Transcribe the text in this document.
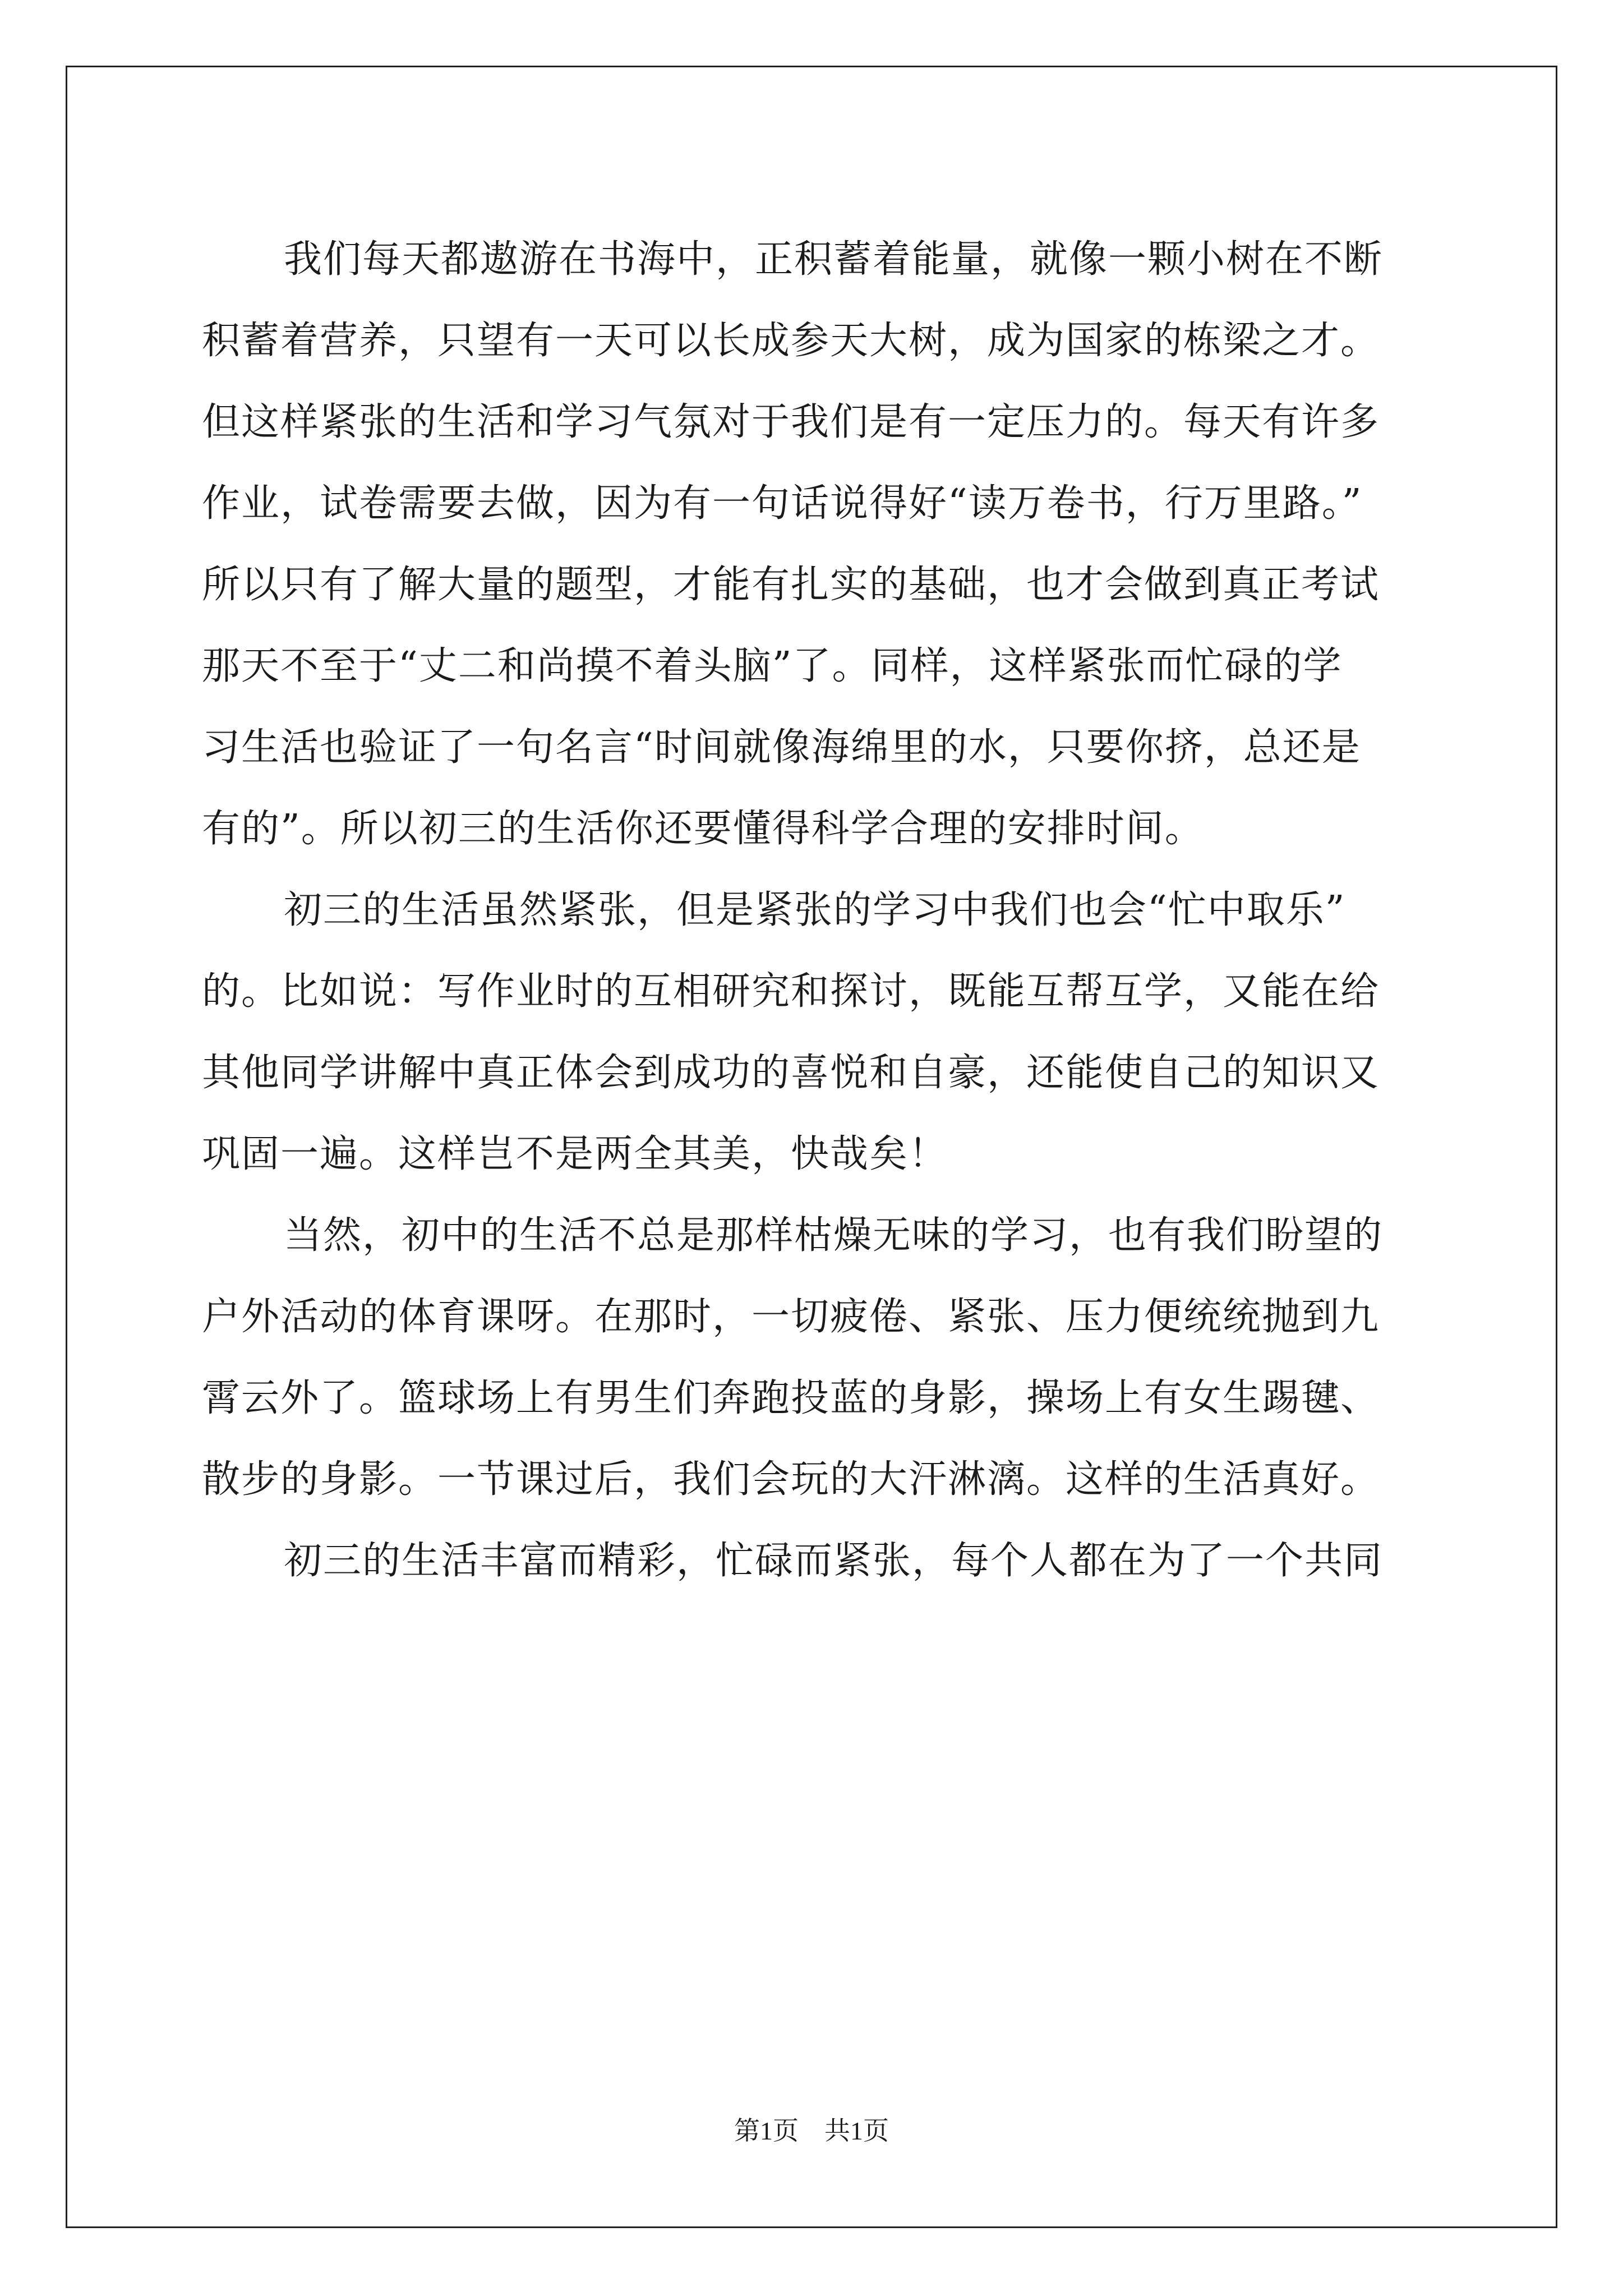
我们每天都遨游在书海中，正积蓄着能量，就像一颗小树在不断
积蓄着营养，只望有一天可以长成参天大树，成为国家的栋梁之才。
但这样紧张的生活和学习气氛对于我们是有一定压力的。每天有许多
作业，试卷需要去做，因为有一句话说得好“读万卷书，行万里路。”
所以只有了解大量的题型，才能有扎实的基础，也才会做到真正考试
那天不至于“丈二和尚摸不着头脑”了。同样，这样紧张而忙碌的学
习生活也验证了一句名言“时间就像海绵里的水，只要你挤，总还是
有的”。所以初三的生活你还要懂得科学合理的安排时间。
初三的生活虽然紧张，但是紧张的学习中我们也会“忙中取乐”
的。比如说：写作业时的互相研究和探讨，既能互帮互学，又能在给
其他同学讲解中真正体会到成功的喜悦和自豪，还能使自己的知识又
巩固一遍。这样岂不是两全其美，快哉矣！
当然，初中的生活不总是那样枯燥无味的学习，也有我们盼望的
户外活动的体育课呀。在那时，一切疲倦、紧张、压力便统统抛到九
霄云外了。篮球场上有男生们奔跑投蓝的身影，操场上有女生踢毽、
散步的身影。一节课过后，我们会玩的大汗淋漓。这样的生活真好。
初三的生活丰富而精彩，忙碌而紧张，每个人都在为了一个共同
第1页 共1页
